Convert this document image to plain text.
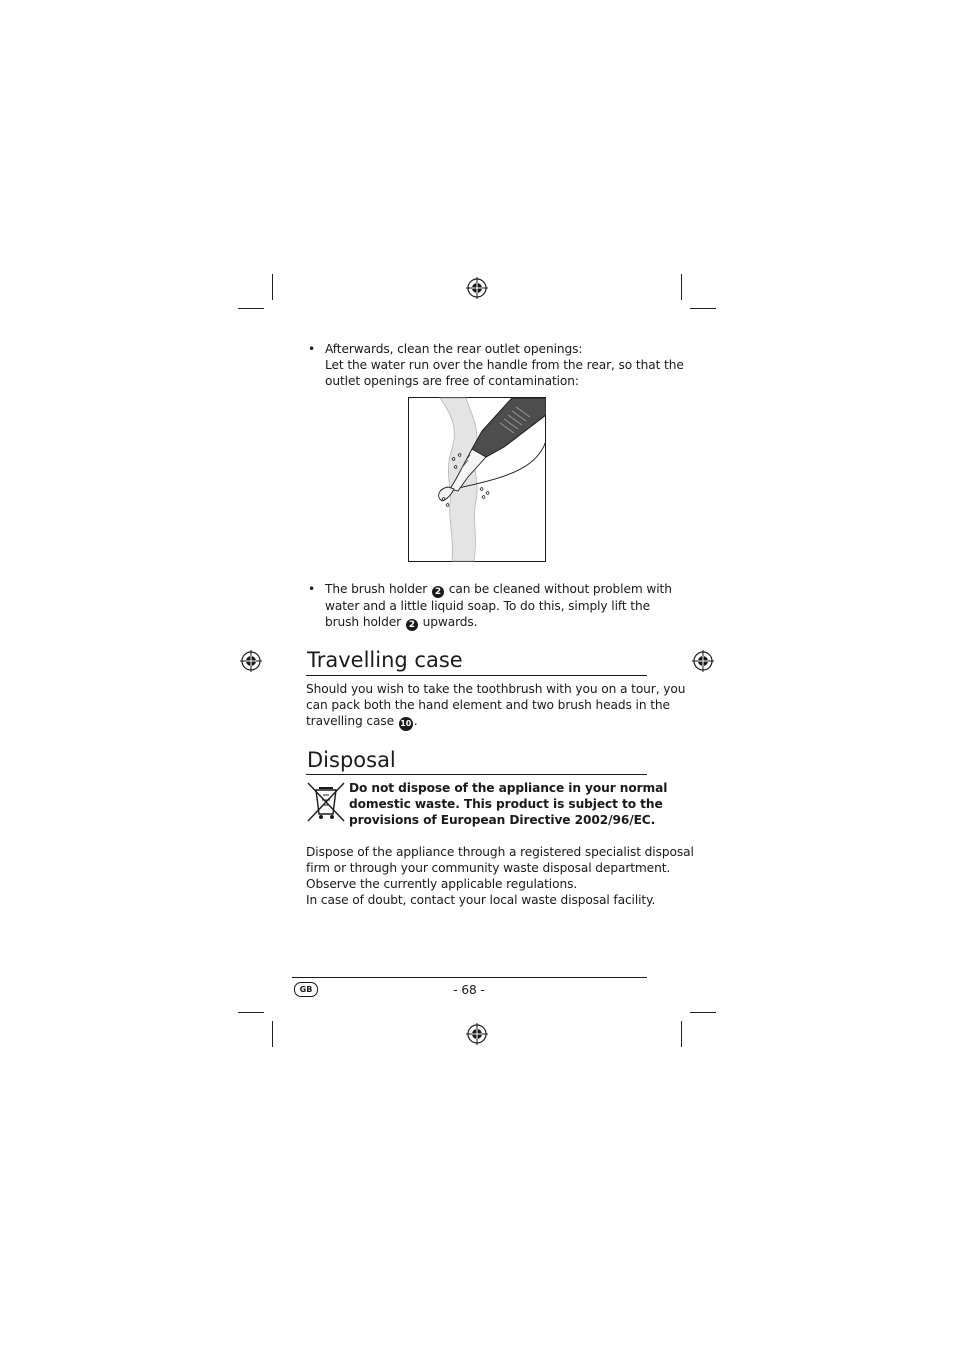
• Afterwards, clean the rear outlet openings:
Let the water run over the handle from the rear, so that the
outlet openings are free of contamination:
• The brush holder 2 can be cleaned without problem with
water and a little liquid soap. To do this, simply lift the
brush holder 2 upwards.
Travelling case
Should you wish to take the toothbrush with you on a tour, you
can pack both the hand element and two brush heads in the
travelling case 10 .
Disposal
Do not dispose of the appliance in your normal
domestic waste. This product is subject to the
provisions of European Directive 2002/96/EC.
Dispose of the appliance through a registered specialist disposal
firm or through your community waste disposal department.
Observe the currently applicable regulations.
In case of doubt, contact your local waste disposal facility.
GB	- 68 -
